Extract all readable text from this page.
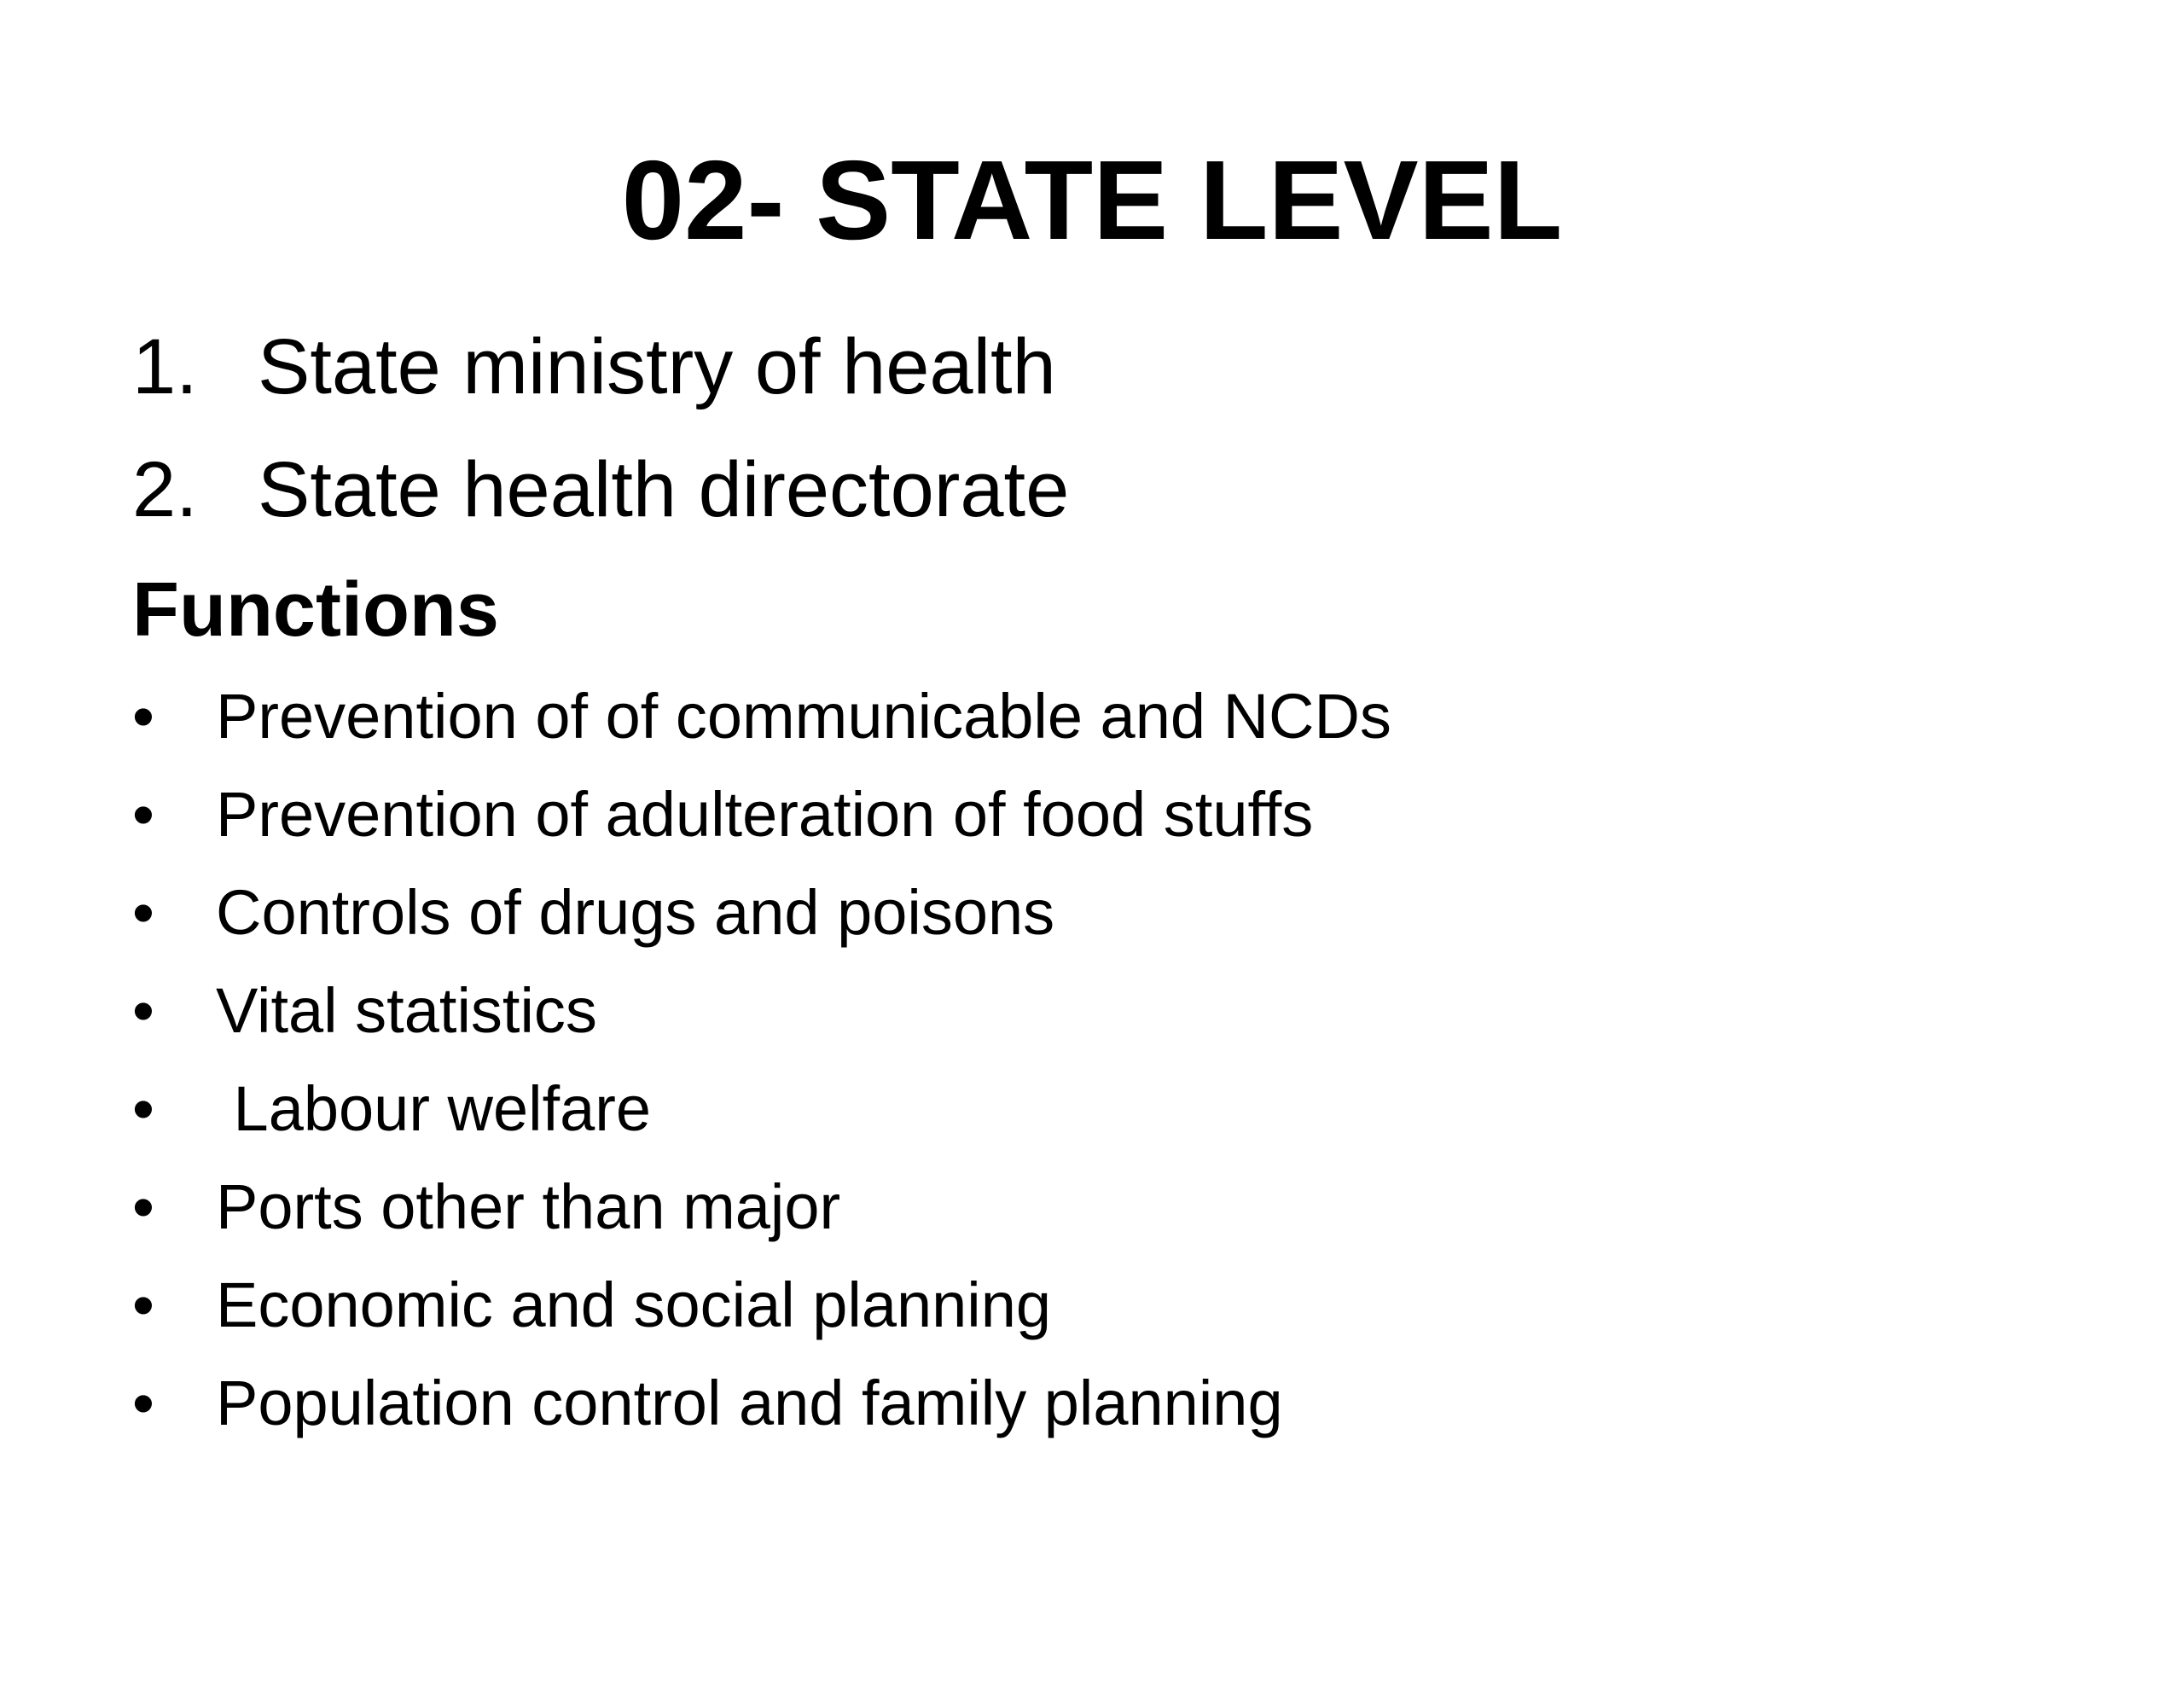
02- STATE LEVEL
1. State ministry of health
2. State health directorate
Functions

•

Prevention of of communicable and NCDs

•

Prevention of adulteration of food stuffs

•

Controls of drugs and poisons

•

Vital statistics

•

Labour welfare

•

Ports other than major

•

Economic and social planning

•

Population control and family planning
